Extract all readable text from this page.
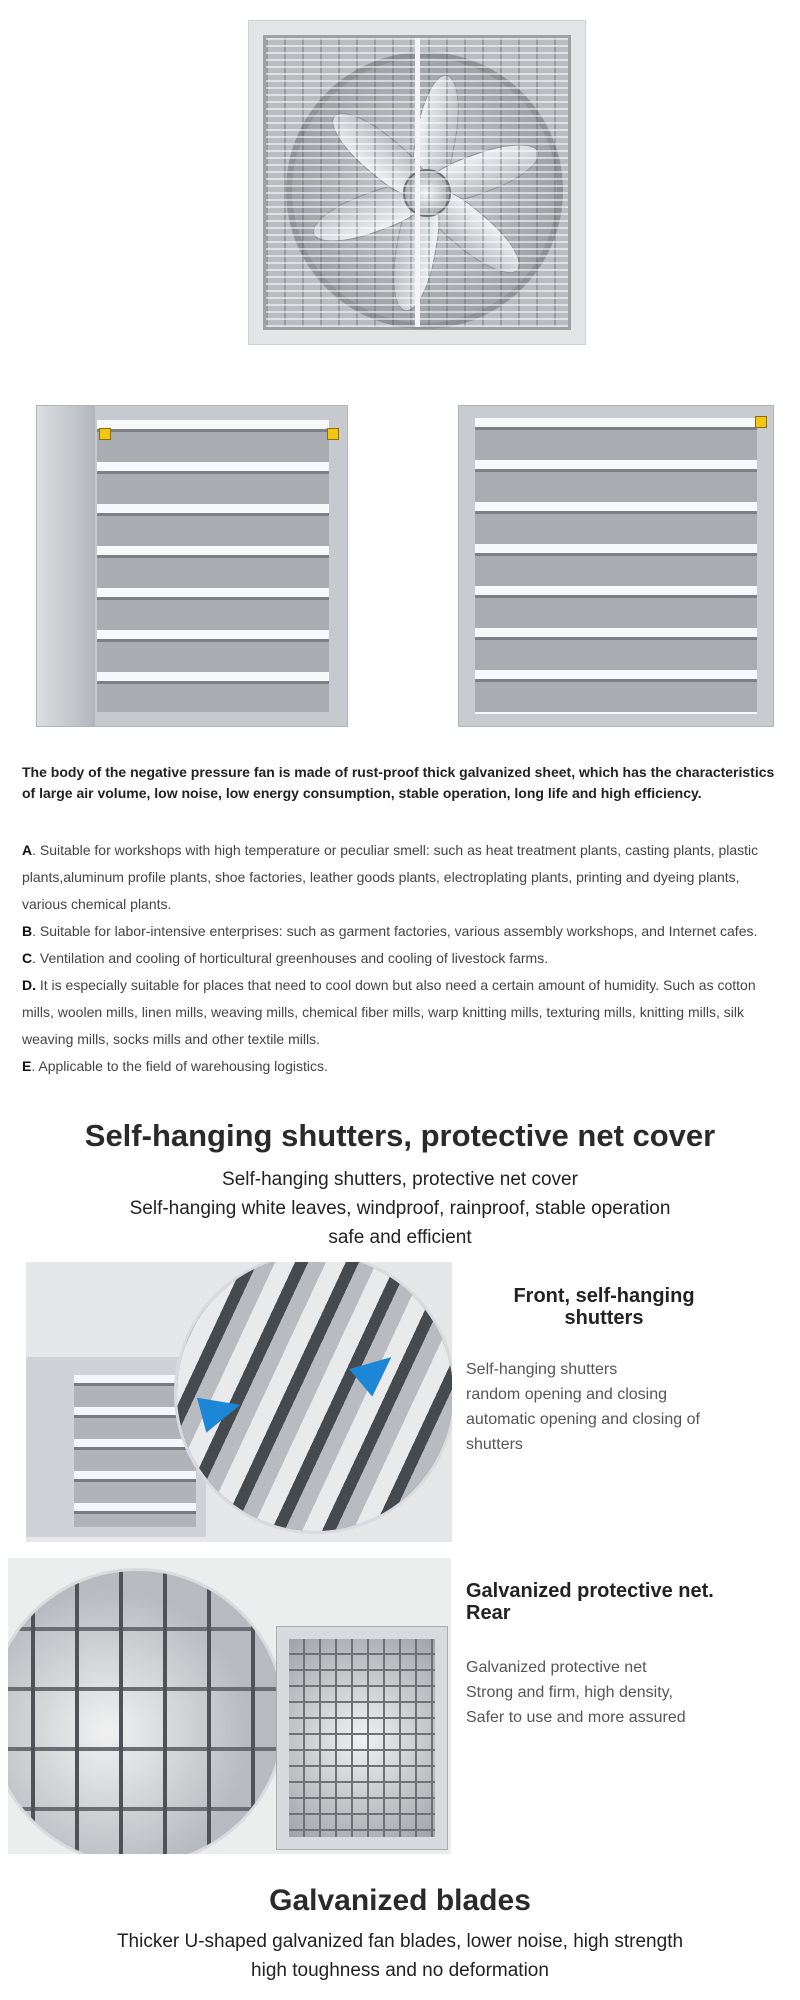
The body of the negative pressure fan is made of rust-proof thick galvanized sheet, which has the characteristics of large air volume, low noise, low energy consumption, stable operation, long life and high efficiency.

A. Suitable for workshops with high temperature or peculiar smell: such as heat treatment plants, casting plants, plastic plants,aluminum profile plants, shoe factories, leather goods plants, electroplating plants, printing and dyeing plants, various chemical plants.

B. Suitable for labor-intensive enterprises: such as garment factories, various assembly workshops, and Internet cafes.

C. Ventilation and cooling of horticultural greenhouses and cooling of livestock farms.

D. It is especially suitable for places that need to cool down but also need a certain amount of humidity. Such as cotton mills, woolen mills, linen mills, weaving mills, chemical fiber mills, warp knitting mills, texturing mills, knitting mills, silk weaving mills, socks mills and other textile mills.

E. Applicable to the field of warehousing logistics.

Self-hanging shutters, protective net cover

Self-hanging shutters, protective net cover

Self-hanging white leaves, windproof, rainproof, stable operation

safe and efficient

Front, self-hanging

shutters

Self-hanging shutters

random opening and closing

automatic opening and closing of

shutters

Galvanized protective net.

Rear

Galvanized protective net

Strong and firm, high density,

Safer to use and more assured

Galvanized blades

Thicker U-shaped galvanized fan blades, lower noise, high strength

high toughness and no deformation
